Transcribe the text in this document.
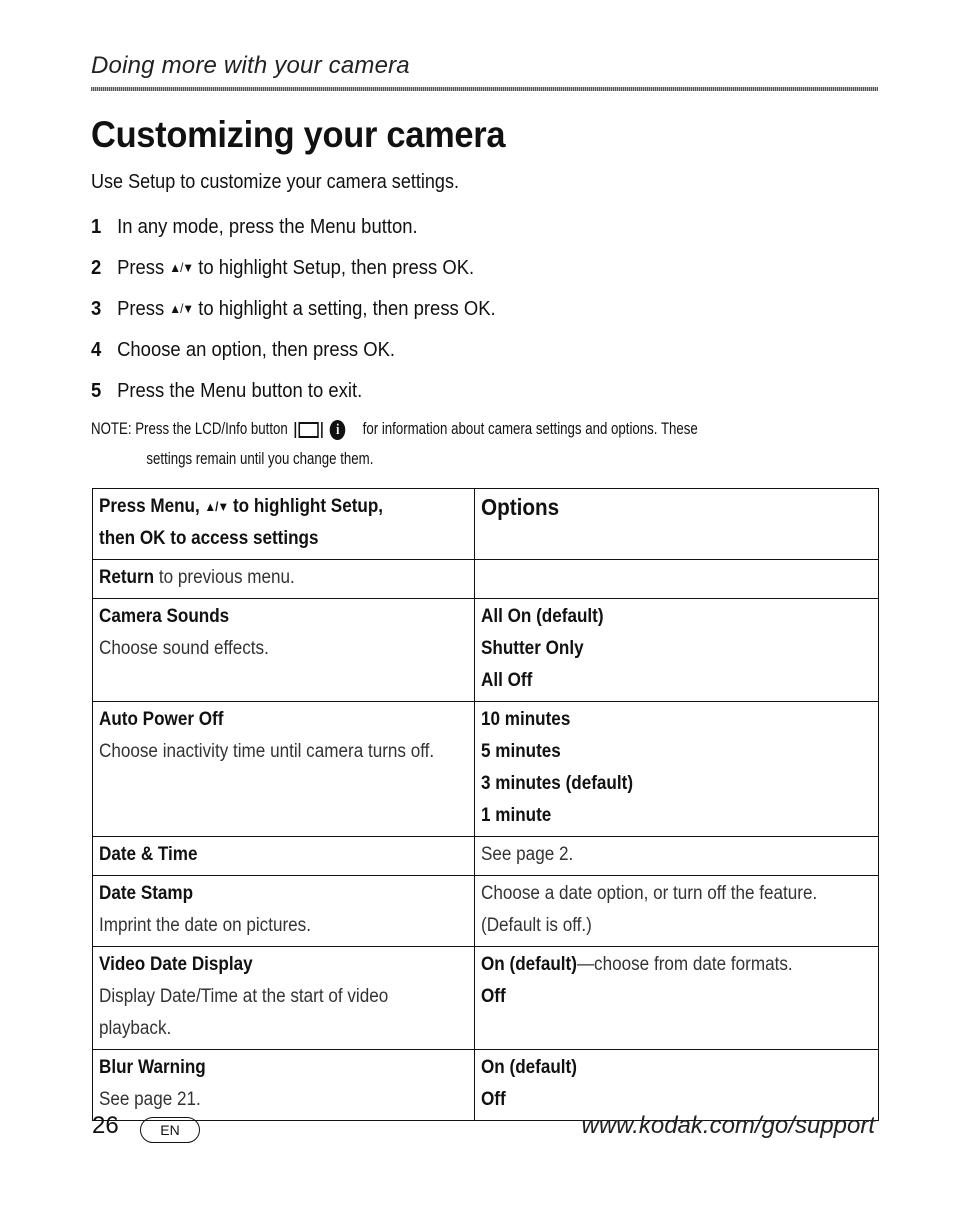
Doing more with your camera
Customizing your camera
Use Setup to customize your camera settings.
1 In any mode, press the Menu button.
2 Press
▲/▼
to highlight Setup, then press OK.
3 Press
▲/▼
to highlight a setting, then press OK.
4 Choose an option, then press OK.
5 Press the Menu button to exit.
NOTE: Press the LCD/Info button	i for information about camera settings and options. These
settings remain until you change them.
Press Menu, ▲/▼ to highlight Setup,
then OK to access settings	Options
Return to previous menu.	

Camera Sounds
Choose sound effects.	All On (default)
Shutter Only
All Off

Auto Power Off
Choose inactivity time until camera turns off.	10 minutes
5 minutes
3 minutes (default)
1 minute

Date & Time	See page 2.

Date Stamp
Imprint the date on pictures.	Choose a date option, or turn off the feature.
(Default is off.)

Video Date Display
Display Date/Time at the start of video
playback.	On (default)—choose from date formats.
Off

Blur Warning
See page 21.	On (default)
Off
26	EN	www.kodak.com/go/support
